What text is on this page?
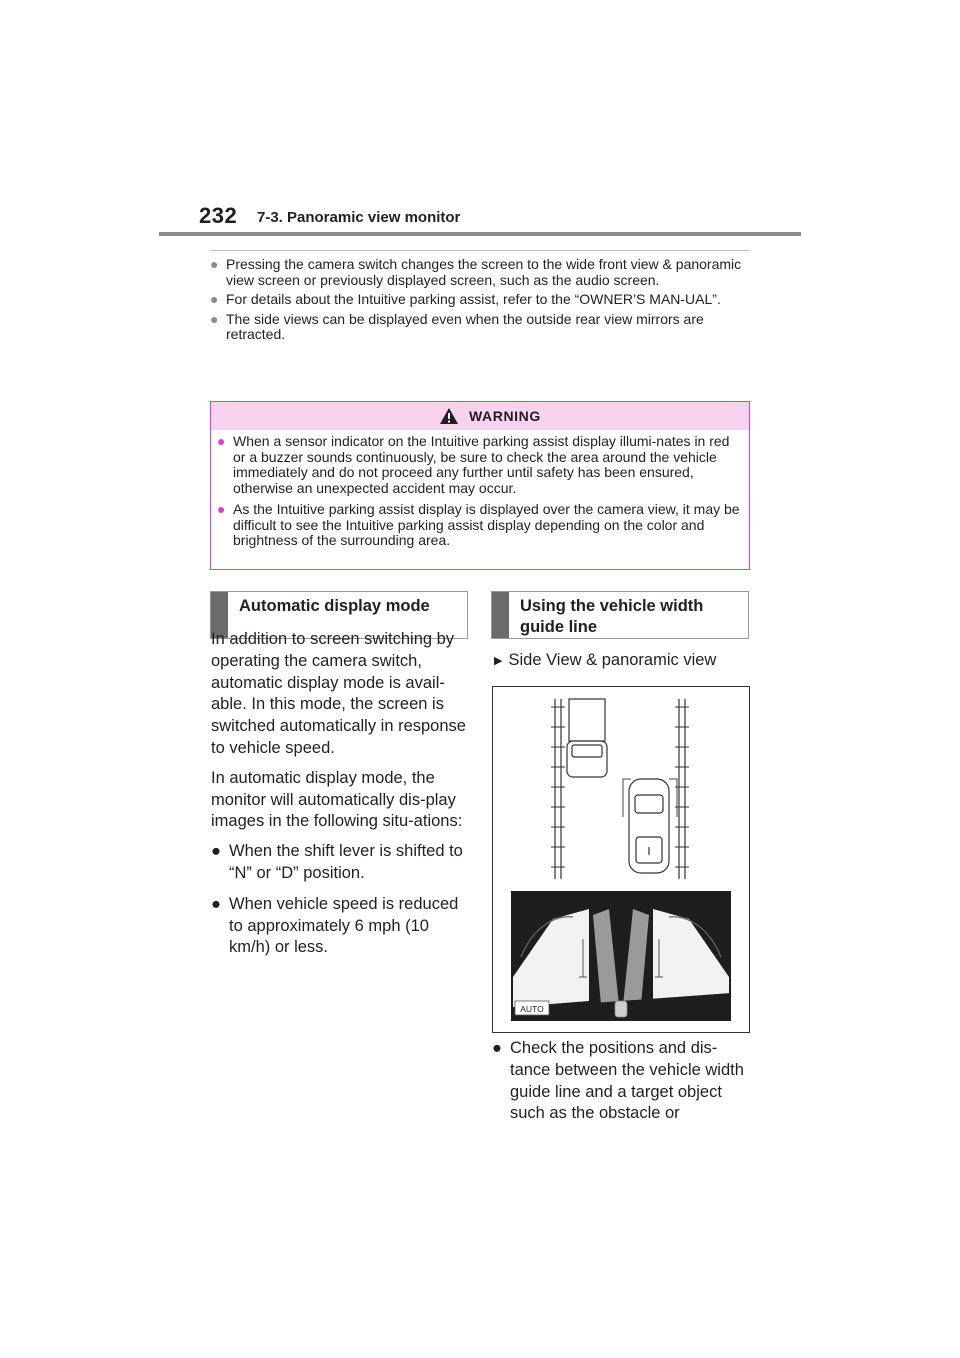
232 7-3. Panoramic view monitor
● Pressing the camera switch changes the screen to the wide front view & panoramic view screen or previously displayed screen, such as the audio screen.
● For details about the Intuitive parking assist, refer to the “OWNER’S MAN-UAL”.
● The side views can be displayed even when the outside rear view mirrors are retracted.
WARNING
● When a sensor indicator on the Intuitive parking assist display illumi-nates in red or a buzzer sounds continuously, be sure to check the area around the vehicle immediately and do not proceed any further until safety has been ensured, otherwise an unexpected accident may occur.
● As the Intuitive parking assist display is displayed over the camera view, it may be difficult to see the Intuitive parking assist display depending on the color and brightness of the surrounding area.
Automatic display mode	Using the vehicle width guide line

In addition to screen switching by operating the camera switch, automatic display mode is avail-able. In this mode, the screen is switched automatically in response to vehicle speed.

In automatic display mode, the monitor will automatically dis-play images in the following situ-ations:

● When the shift lever is shifted to “N” or “D” position.
● When vehicle speed is reduced to approximately 6 mph (10 km/h) or less.
▶ Side View & panoramic view
AUTO
● Check the positions and dis-tance between the vehicle width guide line and a target object such as the obstacle or
